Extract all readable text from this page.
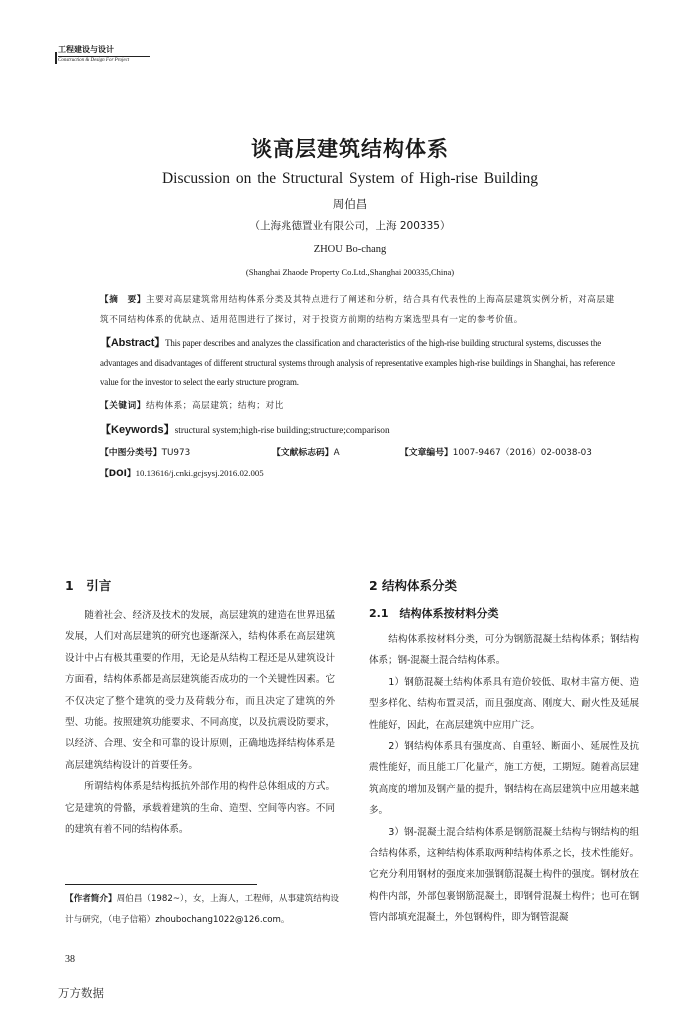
工程建设与设计
Construction & Design For Project
谈高层建筑结构体系
Discussion on the Structural System of High-rise Building
周伯昌
（上海兆德置业有限公司，上海 200335）
ZHOU Bo-chang
(Shanghai Zhaode Property Co.Ltd.,Shanghai 200335,China)
【摘　要】主要对高层建筑常用结构体系分类及其特点进行了阐述和分析，结合具有代表性的上海高层建筑实例分析，对高层建筑不同结构体系的优缺点、适用范围进行了探讨，对于投资方前期的结构方案选型具有一定的参考价值。
【Abstract】This paper describes and analyzes the classification and characteristics of the high-rise building structural systems, discusses the advantages and disadvantages of different structural systems through analysis of representative examples high-rise buildings in Shanghai, has reference value for the investor to select the early structure program.
【关键词】结构体系；高层建筑；结构；对比
【Keywords】structural system;high-rise building;structure;comparison
【中图分类号】TU973	【文献标志码】A	【文章编号】1007-9467（2016）02-0038-03
【DOI】10.13616/j.cnki.gcjsysj.2016.02.005
1　引言

随着社会、经济及技术的发展，高层建筑的建造在世界迅猛发展，人们对高层建筑的研究也逐渐深入，结构体系在高层建筑设计中占有极其重要的作用，无论是从结构工程还是从建筑设计方面看，结构体系都是高层建筑能否成功的一个关键性因素。它不仅决定了整个建筑的受力及荷载分布，而且决定了建筑的外型、功能。按照建筑功能要求、不同高度，以及抗震设防要求，以经济、合理、安全和可靠的设计原则，正确地选择结构体系是高层建筑结构设计的首要任务。

所谓结构体系是结构抵抗外部作用的构件总体组成的方式。它是建筑的骨骼，承载着建筑的生命、造型、空间等内容。不同的建筑有着不同的结构体系。

2 结构体系分类
2.1　结构体系按材料分类

结构体系按材料分类，可分为钢筋混凝土结构体系；钢结构体系；钢-混凝土混合结构体系。

1）钢筋混凝土结构体系具有造价较低、取材丰富方便、造型多样化、结构布置灵活，而且强度高、刚度大、耐火性及延展性能好，因此，在高层建筑中应用广泛。

2）钢结构体系具有强度高、自重轻、断面小、延展性及抗震性能好，而且能工厂化量产，施工方便，工期短。随着高层建筑高度的增加及钢产量的提升，钢结构在高层建筑中应用越来越多。

3）钢-混凝土混合结构体系是钢筋混凝土结构与钢结构的组合结构体系，这种结构体系取两种结构体系之长，技术性能好。它充分利用钢材的强度来加强钢筋混凝土构件的强度。钢材放在构件内部，外部包裹钢筋混凝土，即钢骨混凝土构件；也可在钢管内部填充混凝土，外包钢构件，即为钢管混凝

【作者简介】周伯昌（1982~），女，上海人，工程师，从事建筑结构设计与研究，（电子信箱）zhoubochang1022@126.com。
38
万方数据
